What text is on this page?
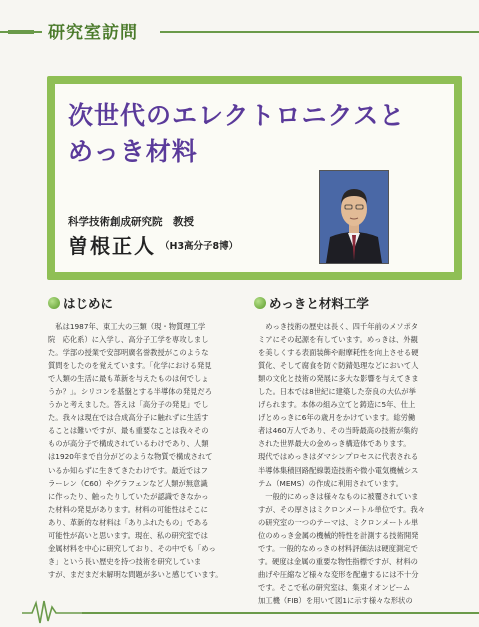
研究室訪問
次世代のエレクトロニクスと
めっき材料
科学技術創成研究院　教授
曽根正人 （H3高分子8博）
はじめに
　私は1987年、東工大の三類（現・物質理工学
院　応化系）に入学し、高分子工学を専攻しまし
た。学部の授業で安部明廣名誉教授がこのような
質問をしたのを覚えています。「化学における発見
で人類の生活に最も革新を与えたものは何でしょ
うか？」。シリコンを基盤とする半導体の発見だろ
うかと考えました。答えは「高分子の発見」でし
た。我々は現在では合成高分子に触れずに生活す
ることは難いですが、最も重要なことは我々その
ものが高分子で構成されているわけであり、人類
は1920年まで自分がどのような物質で構成されて
いるか知らずに生きてきたわけです。最近ではフ
ラーレン（C60）やグラフェンなど人類が無意識
に作ったり、触ったりしていたが認識できなかっ
た材料の発見があります。材料の可能性はそこに
あり、革新的な材料は「ありふれたもの」である
可能性が高いと思います。現在、私の研究室では
金属材料を中心に研究しており、その中でも「めっ
き」という長い歴史を持つ技術を研究していま
すが、まだまだ未解明な問題が多いと感じています。
めっきと材料工学
　めっき技術の歴史は長く、四千年前のメソポタ
ミアにその起源を有しています。めっきは、外観
を美しくする表面装飾や耐摩耗性を向上させる硬
質化、そして腐食を防ぐ防錆処理などにおいて人
類の文化と技術の発展に多大な影響を与えてきま
した。日本では8世紀に建築した奈良の大仏が挙
げられます。本体の組み立てと鋳造に5年、仕上
げとめっきに6年の歳月をかけています。総労働
者は460万人であり、その当時最高の技術が集約
された世界最大の金めっき構造体であります。
現代ではめっきはダマシンプロセスに代表される
半導体集積回路配線製造技術や微小電気機械シス
テム（MEMS）の作成に利用されています。
　一般的にめっきは様々なものに被覆されていま
すが、その厚さはミクロンメートル単位です。我々
の研究室の一つのテーマは、ミクロンメートル単
位のめっき金属の機械的特性を計測する技術開発
です。一般的なめっきの材料評価法は硬度測定で
す。硬度は金属の重要な物性指標ですが、材料の
曲げや圧縮など様々な変形を配慮するには不十分
です。そこで私の研究室は、集束イオンビーム
加工機（FIB）を用いて図1に示す様々な形状の
